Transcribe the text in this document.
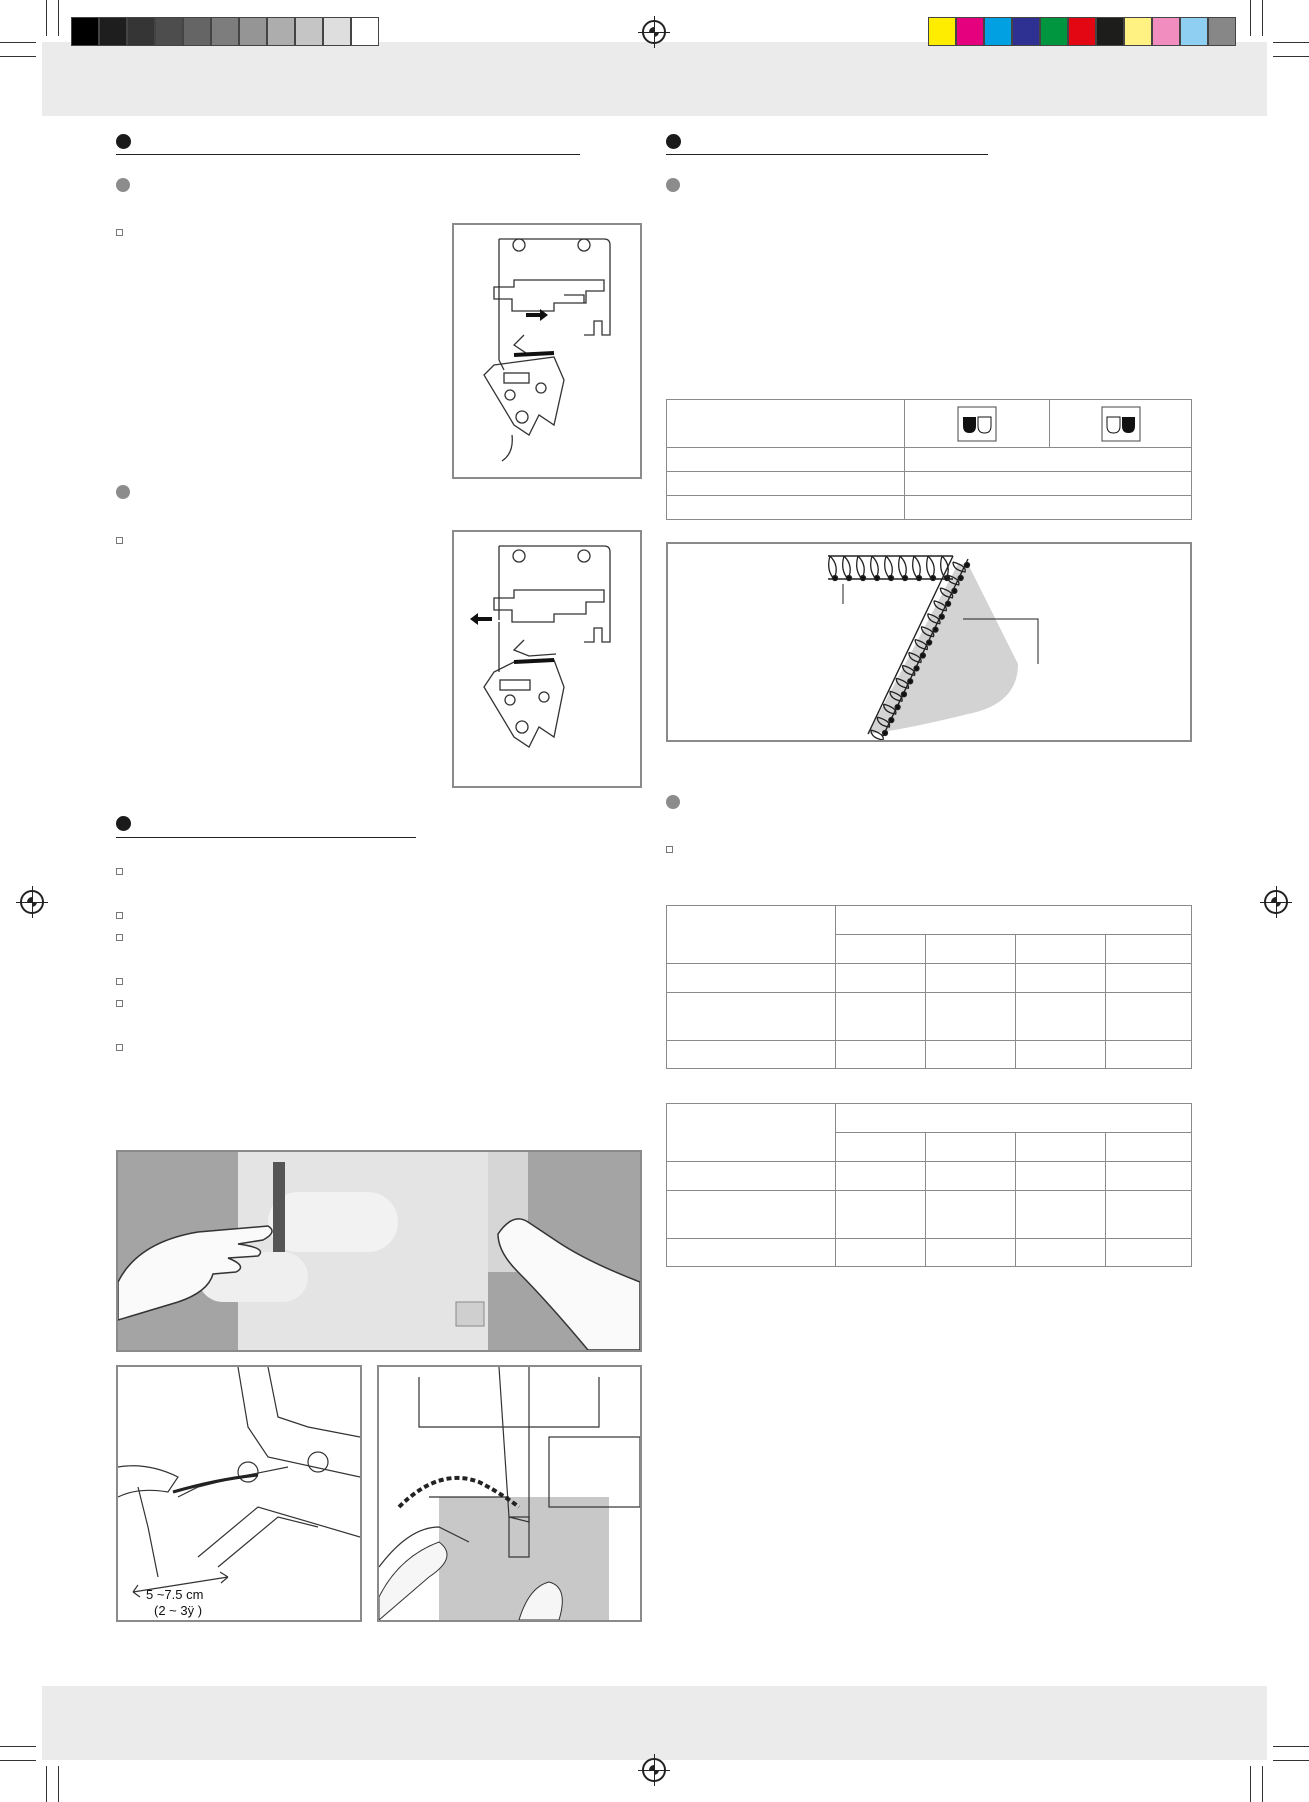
5 ~7.5 cm
(2 ~ 3ÿ )
